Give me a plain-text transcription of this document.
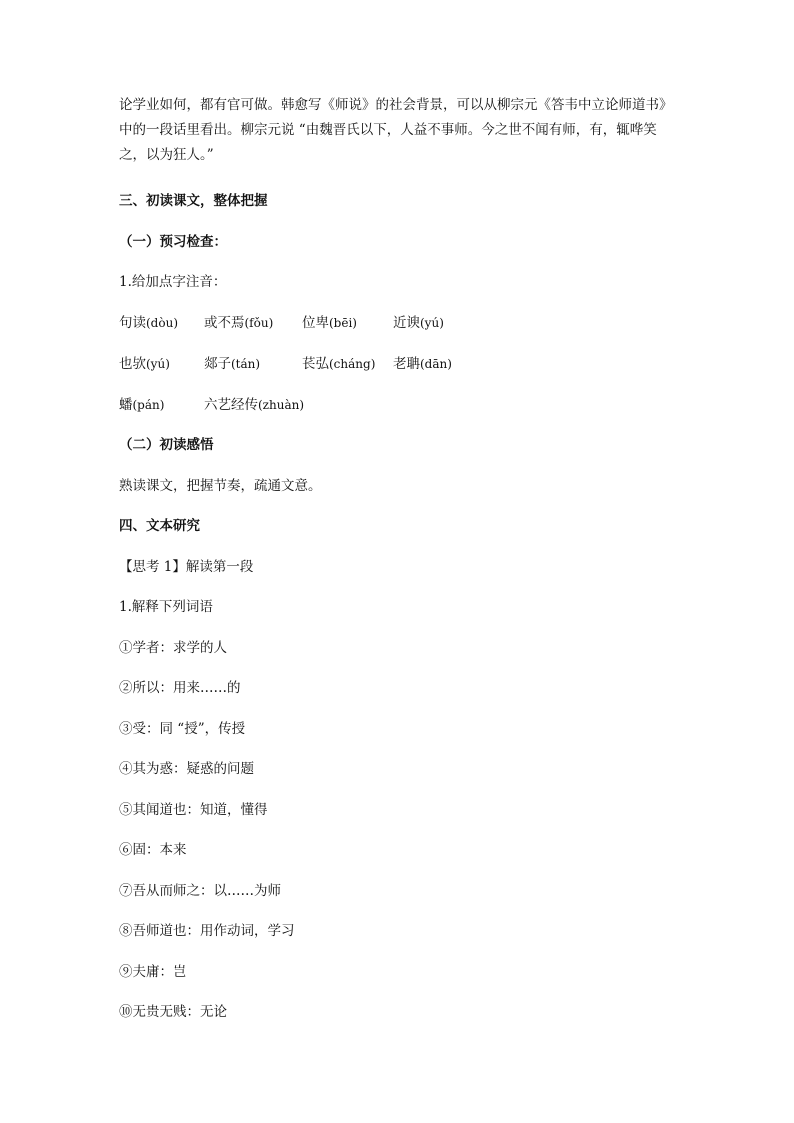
论学业如何，都有官可做。韩愈写《师说》的社会背景，可以从柳宗元《答韦中立论师道书》
中的一段话里看出。柳宗元说 “由魏晋氏以下，人益不事师。今之世不闻有师，有，辄哗笑
之，以为狂人。”
三、初读课文，整体把握
（一）预习检查：
1.给加点字注音：
句读(dòu) 或不焉(fǒu) 位卑(bēi)	近谀(yú)
也欤(yú)	郯子(tán)	苌弘(cháng) 老聃(dān)
蟠(pán)	六艺经传(zhuàn)
（二）初读感悟
熟读课文，把握节奏，疏通文意。
四、文本研究
【思考 1】解读第一段
1.解释下列词语
①学者：求学的人
②所以：用来……的
③受：同 “授”，传授
④其为惑：疑惑的问题
⑤其闻道也：知道，懂得
⑥固：本来
⑦吾从而师之：以……为师
⑧吾师道也：用作动词，学习
⑨夫庸：岂
⑩无贵无贱：无论
